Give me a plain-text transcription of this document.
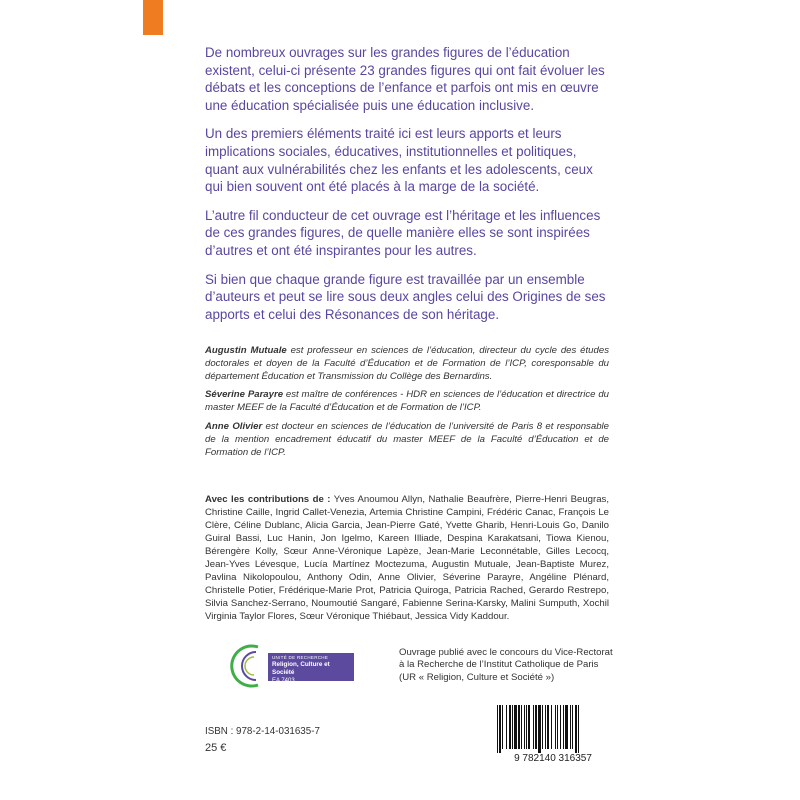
De nombreux ouvrages sur les grandes figures de l’éducation existent, celui-ci présente 23 grandes figures qui ont fait évoluer les débats et les conceptions de l’enfance et parfois ont mis en œuvre une éducation spécialisée puis une éducation inclusive.

Un des premiers éléments traité ici est leurs apports et leurs implications sociales, éducatives, institutionnelles et politiques, quant aux vulnérabilités chez les enfants et les adolescents, ceux qui bien souvent ont été placés à la marge de la société.

L’autre fil conducteur de cet ouvrage est l’héritage et les influences de ces grandes figures, de quelle manière elles se sont inspirées d’autres et ont été inspirantes pour les autres.

Si bien que chaque grande figure est travaillée par un ensemble d’auteurs et peut se lire sous deux angles celui des Origines de ses apports et celui des Résonances de son héritage.

Augustin Mutuale est professeur en sciences de l’éducation, directeur du cycle des études doctorales et doyen de la Faculté d’Éducation et de Formation de l’ICP, coresponsable du département Éducation et Transmission du Collège des Bernardins.

Séverine Parayre est maître de conférences - HDR en sciences de l’éducation et directrice du master MEEF de la Faculté d’Éducation et de Formation de l’ICP.

Anne Olivier est docteur en sciences de l’éducation de l’université de Paris 8 et responsable de la mention encadrement éducatif du master MEEF de la Faculté d’Éducation et de Formation de l’ICP.

Avec les contributions de : Yves Anoumou Allyn, Nathalie Beaufrère, Pierre-Henri Beugras, Christine Caille, Ingrid Callet-Venezia, Artemia Christine Campini, Frédéric Canac, François Le Clère, Céline Dublanc, Alicia Garcia, Jean-Pierre Gaté, Yvette Gharib, Henri-Louis Go, Danilo Guiral Bassi, Luc Hanin, Jon Igelmo, Kareen Illiade, Despina Karakatsani, Tiowa Kienou, Bérengère Kolly, Sœur Anne-Véronique Lapèze, Jean-Marie Leconnétable, Gilles Lecocq, Jean-Yves Lévesque, Lucía Martínez Moctezuma, Augustin Mutuale, Jean-Baptiste Murez, Pavlina Nikolopoulou, Anthony Odin, Anne Olivier, Séverine Parayre, Angéline Plénard, Christelle Potier, Frédérique-Marie Prot, Patricia Quiroga, Patricia Rached, Gerardo Restrepo, Silvia Sanchez-Serrano, Noumoutié Sangaré, Fabienne Serina-Karsky, Malini Sumputh, Xochil Virginia Taylor Flores, Sœur Véronique Thiébaut, Jessica Vidy Kaddour.
UNITÉ DE RECHERCHE
Religion, Culture et Société
EA 7403
Ouvrage publié avec le concours du Vice-Rectorat à la Recherche de l’Institut Catholique de Paris (UR « Religion, Culture et Société »)
ISBN : 978-2-14-031635-7
25 €
9 782140 316357
